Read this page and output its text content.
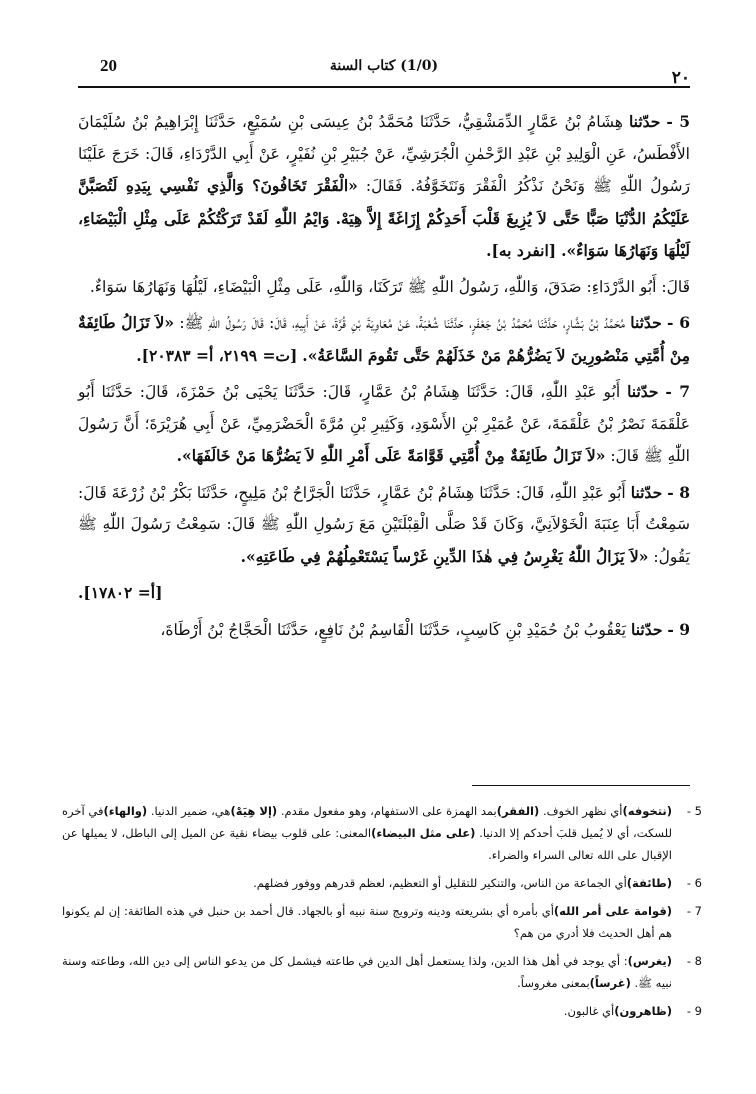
20	(1/0) كتاب السنة
٢٠

5 - حدّثنا هِشَامُ بْنُ عَمَّارٍ الدِّمَشْقِيُّ، حَدَّثَنَا مُحَمَّدُ بْنُ عِيسَى بْنِ سُمَيْعٍ، حَدَّثَنَا إِبْرَاهِيمُ بْنُ سُلَيْمَانَ الأَفْطَسُ، عَنِ الْوَلِيدِ بْنِ عَبْدِ الرَّحْمٰنِ الْجُرَشِيِّ، عَنْ جُبَيْرِ بْنِ نُفَيْرٍ، عَنْ أَبِي الدَّرْدَاءِ، قَالَ: خَرَجَ عَلَيْنَا رَسُولُ اللّٰهِ ﷺ وَنَحْنُ نَذْكُرُ الْفَقْرَ وَنَتَخَوَّفُهُ. فَقَالَ: «الْفَقْرَ تَخَافُونَ؟ وَالَّذِي نَفْسِي بِيَدِهِ لَتُصَبَّنَّ عَلَيْكُمُ الدُّنْيَا صَبًّا حَتَّى لاَ يُزِيغَ قَلْبَ أَحَدِكُمْ إِزَاغَةً إِلاَّ هِيَهْ. وَايْمُ اللّٰهِ لَقَدْ تَرَكْتُكُمْ عَلَى مِثْلِ الْبَيْضَاءِ، لَيْلُهَا وَنَهَارُهَا سَوَاءٌ». [انفرد به].

قَالَ: أَبُو الدَّرْدَاءِ: صَدَقَ، وَاللّٰهِ، رَسُولُ اللّٰهِ ﷺ تَرَكَنَا، وَاللّٰهِ، عَلَى مِثْلِ الْبَيْضَاءِ، لَيْلُهَا وَنَهَارُهَا سَوَاءٌ.

6 - حدّثنا مُحَمَّدُ بْنُ بَشَّارٍ، حَدَّثَنَا مُحَمَّدُ بْنُ جَعْفَرٍ، حَدَّثَنَا شُعْبَةُ، عَنْ مُعَاوِيَةَ بْنِ قُرَّةَ، عَنْ أَبِيهِ، قَالَ: قَالَ رَسُولُ اللّٰهِ ﷺ: «لاَ تَزَالُ طَائِفَةٌ مِنْ أُمَّتِي مَنْصُورِينَ لاَ يَضُرُّهُمْ مَنْ خَذَلَهُمْ حَتَّى تَقُومَ السَّاعَةُ». [ت= ٢١٩٩، أ= ٢٠٣٨٣].

7 - حدّثنا أَبُو عَبْدِ اللّٰهِ، قَالَ: حَدَّثَنَا هِشَامُ بْنُ عَمَّارٍ، قَالَ: حَدَّثَنَا يَحْيَى بْنُ حَمْزَةَ، قَالَ: حَدَّثَنَا أَبُو عَلْقَمَةَ نَصْرُ بْنُ عَلْقَمَةَ، عَنْ عُمَيْرِ بْنِ الأَسْوَدِ، وَكَثِيرِ بْنِ مُرَّةَ الْحَضْرَمِيِّ، عَنْ أَبِي هُرَيْرَةَ؛ أَنَّ رَسُولَ اللّٰهِ ﷺ قَالَ: «لاَ تَزَالُ طَائِفَةٌ مِنْ أُمَّتِي قَوَّامَةً عَلَى أَمْرِ اللّٰهِ لاَ يَضُرُّهَا مَنْ خَالَفَهَا».

8 - حدّثنا أَبُو عَبْدِ اللّٰهِ، قَالَ: حَدَّثَنَا هِشَامُ بْنُ عَمَّارٍ، حَدَّثَنَا الْجَرَّاحُ بْنُ مَلِيحٍ، حَدَّثَنَا بَكْرُ بْنُ زُرْعَةَ قَالَ: سَمِعْتُ أَبَا عِنَبَةَ الْخَوْلاَنِيَّ، وَكَانَ قَدْ صَلَّى الْقِبْلَتَيْنِ مَعَ رَسُولِ اللّٰهِ ﷺ قَالَ: سَمِعْتُ رَسُولَ اللّٰهِ ﷺ يَقُولُ: «لاَ يَزَالُ اللّٰهُ يَغْرِسُ فِي هٰذَا الدِّينِ غَرْساً يَسْتَعْمِلُهُمْ فِي طَاعَتِهِ».

[أ= ١٧٨٠٢].

9 - حدّثنا يَعْقُوبُ بْنُ حُمَيْدِ بْنِ كَاسِبٍ، حَدَّثَنَا الْقَاسِمُ بْنُ نَافِعٍ، حَدَّثَنَا الْحَجَّاجُ بْنُ أَرْطَاةَ،

5 -
(نتخوفه)أي نظهر الخوف. (الفقر)بمد الهمزة على الاستفهام، وهو مفعول مقدم. (إلا هِيَهْ)هي، ضمير الدنيا. (والهاء)في آخره للسكت، أي لا يُميل قلبَ أحدكم إلا الدنيا. (على مثل البيضاء)المعنى: على قلوب بيضاء نقية عن الميل إلى الباطل، لا يميلها عن الإقبال على الله تعالى السراء والضراء.

6 -
(طائفة)أي الجماعة من الناس، والتنكير للتقليل أو التعظيم، لعظم قدرهم ووفور فضلهم.

7 -
(قوامة على أمر الله)أي بأمره أي بشريعته ودينه وترويج سنة نبيه أو بالجهاد. قال أحمد بن حنبل في هذه الطائفة: إن لم يكونوا هم أهل الحديث فلا أدري من هم؟

8 -
(يغرس): أي يوجد في أهل هذا الدين، ولذا يستعمل أهل الدين في طاعته فيشمل كل من يدعو الناس إلى دين الله، وطاعته وسنة نبيه ﷺ. (غرساً)بمعنى مغروساً.

9 -
(ظاهرون)أي غالبون.
